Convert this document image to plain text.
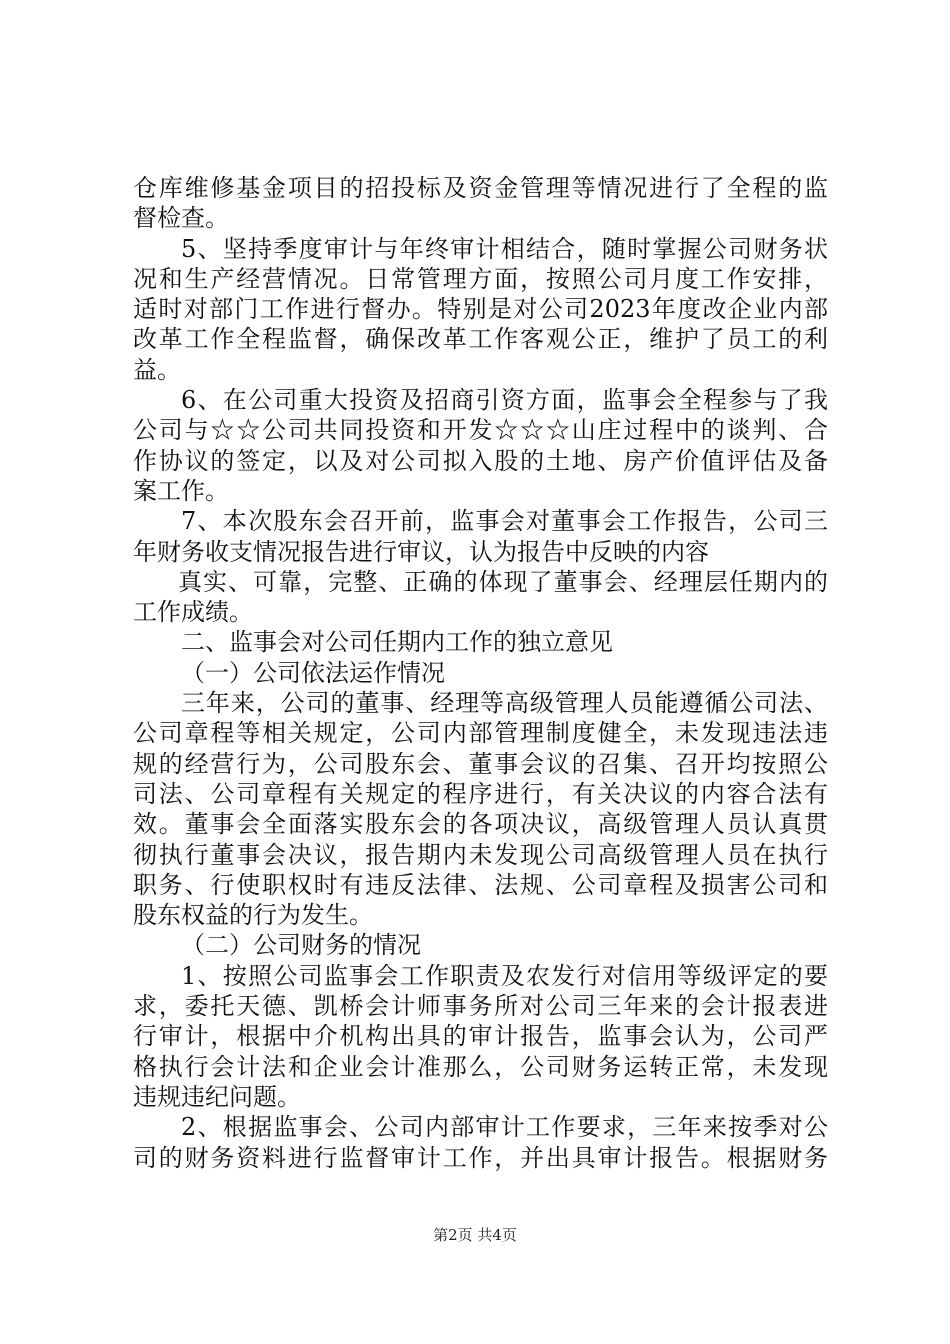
仓库维修基金项目的招投标及资金管理等情况进行了全程的监
督检查。
5、坚持季度审计与年终审计相结合，随时掌握公司财务状
况和生产经营情况。日常管理方面，按照公司月度工作安排，
适时对部门工作进行督办。特别是对公司2023年度改企业内部
改革工作全程监督，确保改革工作客观公正，维护了员工的利
益。
6、在公司重大投资及招商引资方面，监事会全程参与了我
公司与☆☆公司共同投资和开发☆☆☆山庄过程中的谈判、合
作协议的签定，以及对公司拟入股的土地、房产价值评估及备
案工作。
7、本次股东会召开前，监事会对董事会工作报告，公司三
年财务收支情况报告进行审议，认为报告中反映的内容
真实、可靠，完整、正确的体现了董事会、经理层任期内的
工作成绩。
二、监事会对公司任期内工作的独立意见
（一）公司依法运作情况
三年来，公司的董事、经理等高级管理人员能遵循公司法、
公司章程等相关规定，公司内部管理制度健全，未发现违法违
规的经营行为，公司股东会、董事会议的召集、召开均按照公
司法、公司章程有关规定的程序进行，有关决议的内容合法有
效。董事会全面落实股东会的各项决议，高级管理人员认真贯
彻执行董事会决议，报告期内未发现公司高级管理人员在执行
职务、行使职权时有违反法律、法规、公司章程及损害公司和
股东权益的行为发生。
（二）公司财务的情况
1、按照公司监事会工作职责及农发行对信用等级评定的要
求，委托天德、凯桥会计师事务所对公司三年来的会计报表进
行审计，根据中介机构出具的审计报告，监事会认为，公司严
格执行会计法和企业会计准那么，公司财务运转正常，未发现
违规违纪问题。
2、根据监事会、公司内部审计工作要求，三年来按季对公
司的财务资料进行监督审计工作，并出具审计报告。根据财务
第2页 共4页
